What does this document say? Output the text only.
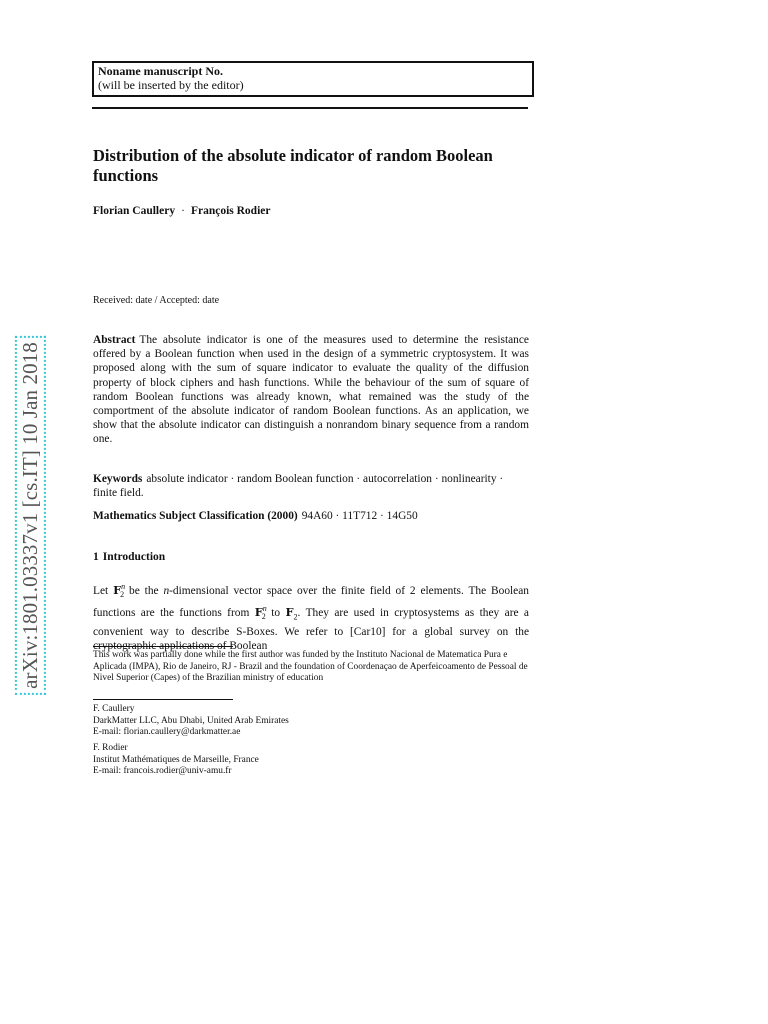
arXiv:1801.03337v1 [cs.IT] 10 Jan 2018
Noname manuscript No.
(will be inserted by the editor)
Distribution of the absolute indicator of random Boolean functions
Florian Caullery · François Rodier
Received: date / Accepted: date
Abstract The absolute indicator is one of the measures used to determine the resistance offered by a Boolean function when used in the design of a symmetric cryptosystem. It was proposed along with the sum of square indicator to evaluate the quality of the diffusion property of block ciphers and hash functions. While the behaviour of the sum of square of random Boolean functions was already known, what remained was the study of the comportment of the absolute indicator of random Boolean functions. As an application, we show that the absolute indicator can distinguish a nonrandom binary sequence from a random one.
Keywords absolute indicator · random Boolean function · autocorrelation · nonlinearity · finite field.
Mathematics Subject Classification (2000) 94A60 · 11T712 · 14G50
1 Introduction
Let $F^n_2$ be the n-dimensional vector space over the finite field of 2 elements. The Boolean functions are the functions from $F^n_2$ to $F_2$. They are used in cryptosystems as they are a convenient way to describe S-Boxes. We refer to [Car10] for a global survey on the cryptographic applications of Boolean
This work was partially done while the first author was funded by the Instituto Nacional de Matematica Pura e Aplicada (IMPA), Rio de Janeiro, RJ - Brazil and the foundation of Coordenaçao de Aperfeicoamento de Pessoal de Nivel Superior (Capes) of the Brazilian ministry of education
F. Caullery
DarkMatter LLC, Abu Dhabi, United Arab Emirates
E-mail: florian.caullery@darkmatter.ae
F. Rodier
Institut Mathématiques de Marseille, France
E-mail: francois.rodier@univ-amu.fr
